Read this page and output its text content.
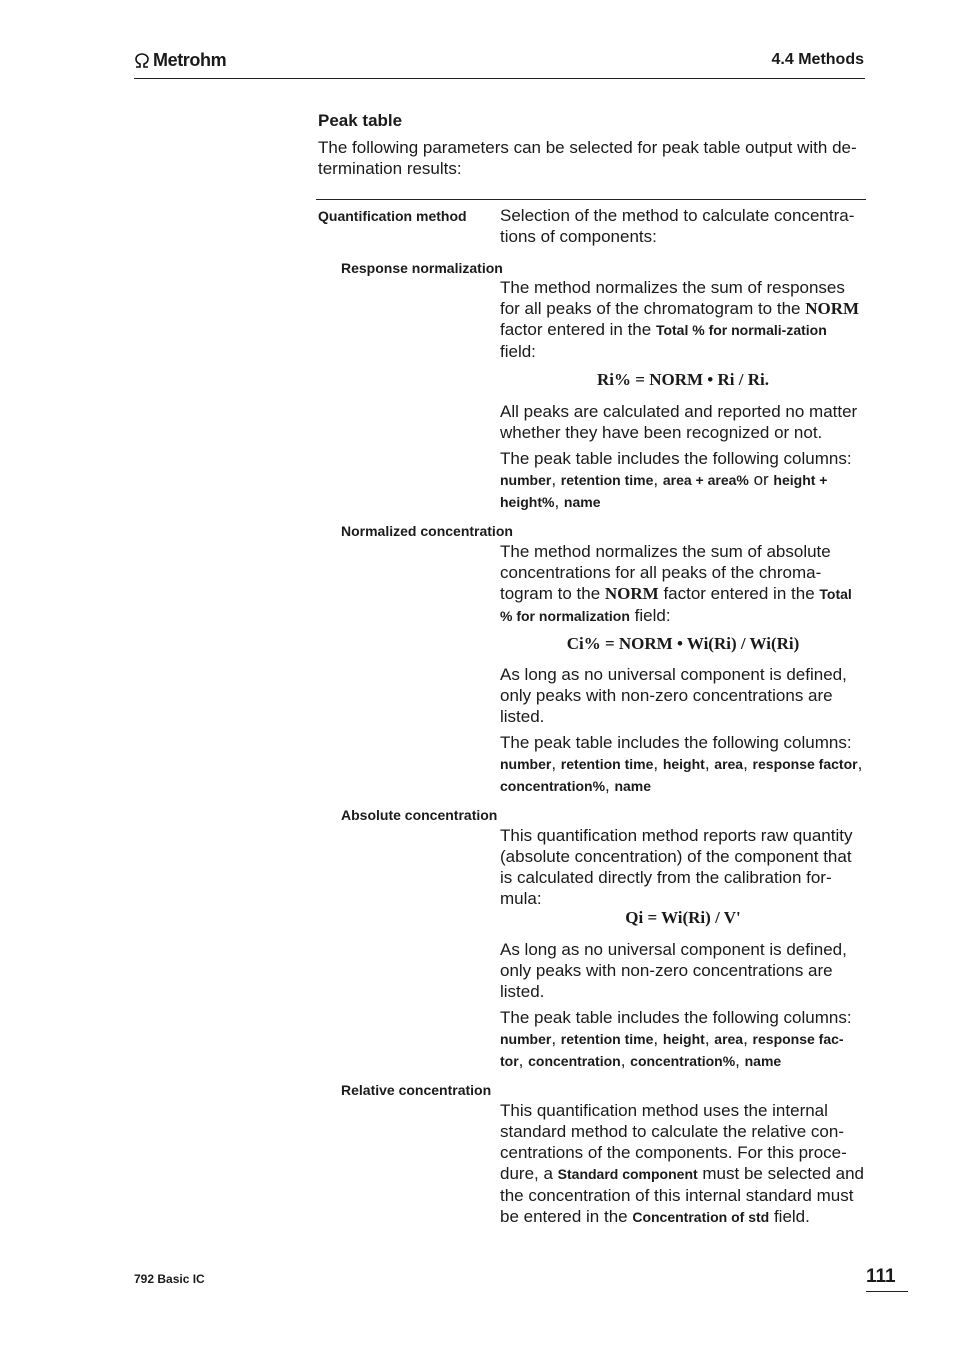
Metrohm	4.4 Methods
Peak table
The following parameters can be selected for peak table output with de-termination results:
Quantification method Selection of the method to calculate concentra-tions of components:
Response normalization
The method normalizes the sum of responses for all peaks of the chromatogram to the NORM factor entered in the Total % for normali-zation field:
Ri% = NORM • Ri / Ri.

All peaks are calculated and reported no matter whether they have been recognized or not.

The peak table includes the following columns:

number, retention time, area + area% or height + height%, name
Normalized concentration
The method normalizes the sum of absolute concentrations for all peaks of the chroma-togram to the NORM factor entered in the Total % for normalization field:
Ci% = NORM • Wi(Ri) / Wi(Ri)

As long as no universal component is defined, only peaks with non-zero concentrations are listed.

The peak table includes the following columns:

number, retention time, height, area, response factor, concentration%, name
Absolute concentration
This quantification method reports raw quantity (absolute concentration) of the component that is calculated directly from the calibration for-mula:
Qi = Wi(Ri) / V'

As long as no universal component is defined, only peaks with non-zero concentrations are listed.

The peak table includes the following columns:

number, retention time, height, area, response fac-tor, concentration, concentration%, name
Relative concentration
This quantification method uses the internal standard method to calculate the relative con-centrations of the components. For this proce-dure, a Standard component must be selected and the concentration of this internal standard must be entered in the Concentration of std field.
792 Basic IC	111
